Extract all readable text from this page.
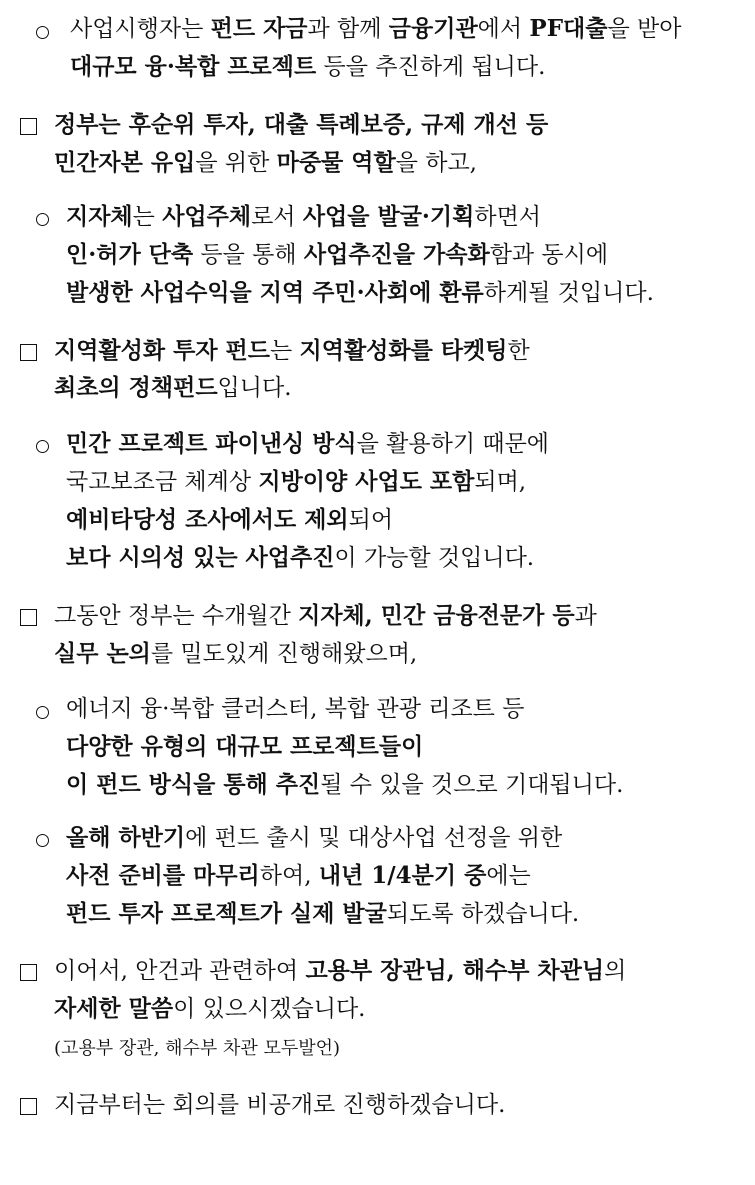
사업시행자는 펀드 자금과 함께 금융기관에서 PF대출을 받아
대규모 융·복합 프로젝트 등을 추진하게 됩니다.
정부는 후순위 투자, 대출 특례보증, 규제 개선 등
민간자본 유입을 위한 마중물 역할을 하고,
지자체는 사업주체로서 사업을 발굴·기획하면서
인·허가 단축 등을 통해 사업추진을 가속화함과 동시에
발생한 사업수익을 지역 주민·사회에 환류하게될 것입니다.
지역활성화 투자 펀드는 지역활성화를 타켓팅한
최초의 정책펀드입니다.
민간 프로젝트 파이낸싱 방식을 활용하기 때문에
국고보조금 체계상 지방이양 사업도 포함되며,
예비타당성 조사에서도 제외되어
보다 시의성 있는 사업추진이 가능할 것입니다.
그동안 정부는 수개월간 지자체, 민간 금융전문가 등과
실무 논의를 밀도있게 진행해왔으며,
에너지 융·복합 클러스터, 복합 관광 리조트 등
다양한 유형의 대규모 프로젝트들이
이 펀드 방식을 통해 추진될 수 있을 것으로 기대됩니다.
올해 하반기에 펀드 출시 및 대상사업 선정을 위한
사전 준비를 마무리하여, 내년 1/4분기 중에는
펀드 투자 프로젝트가 실제 발굴되도록 하겠습니다.
이어서, 안건과 관련하여 고용부 장관님, 해수부 차관님의
자세한 말씀이 있으시겠습니다.
(고용부 장관, 해수부 차관 모두발언)
지금부터는 회의를 비공개로 진행하겠습니다.
